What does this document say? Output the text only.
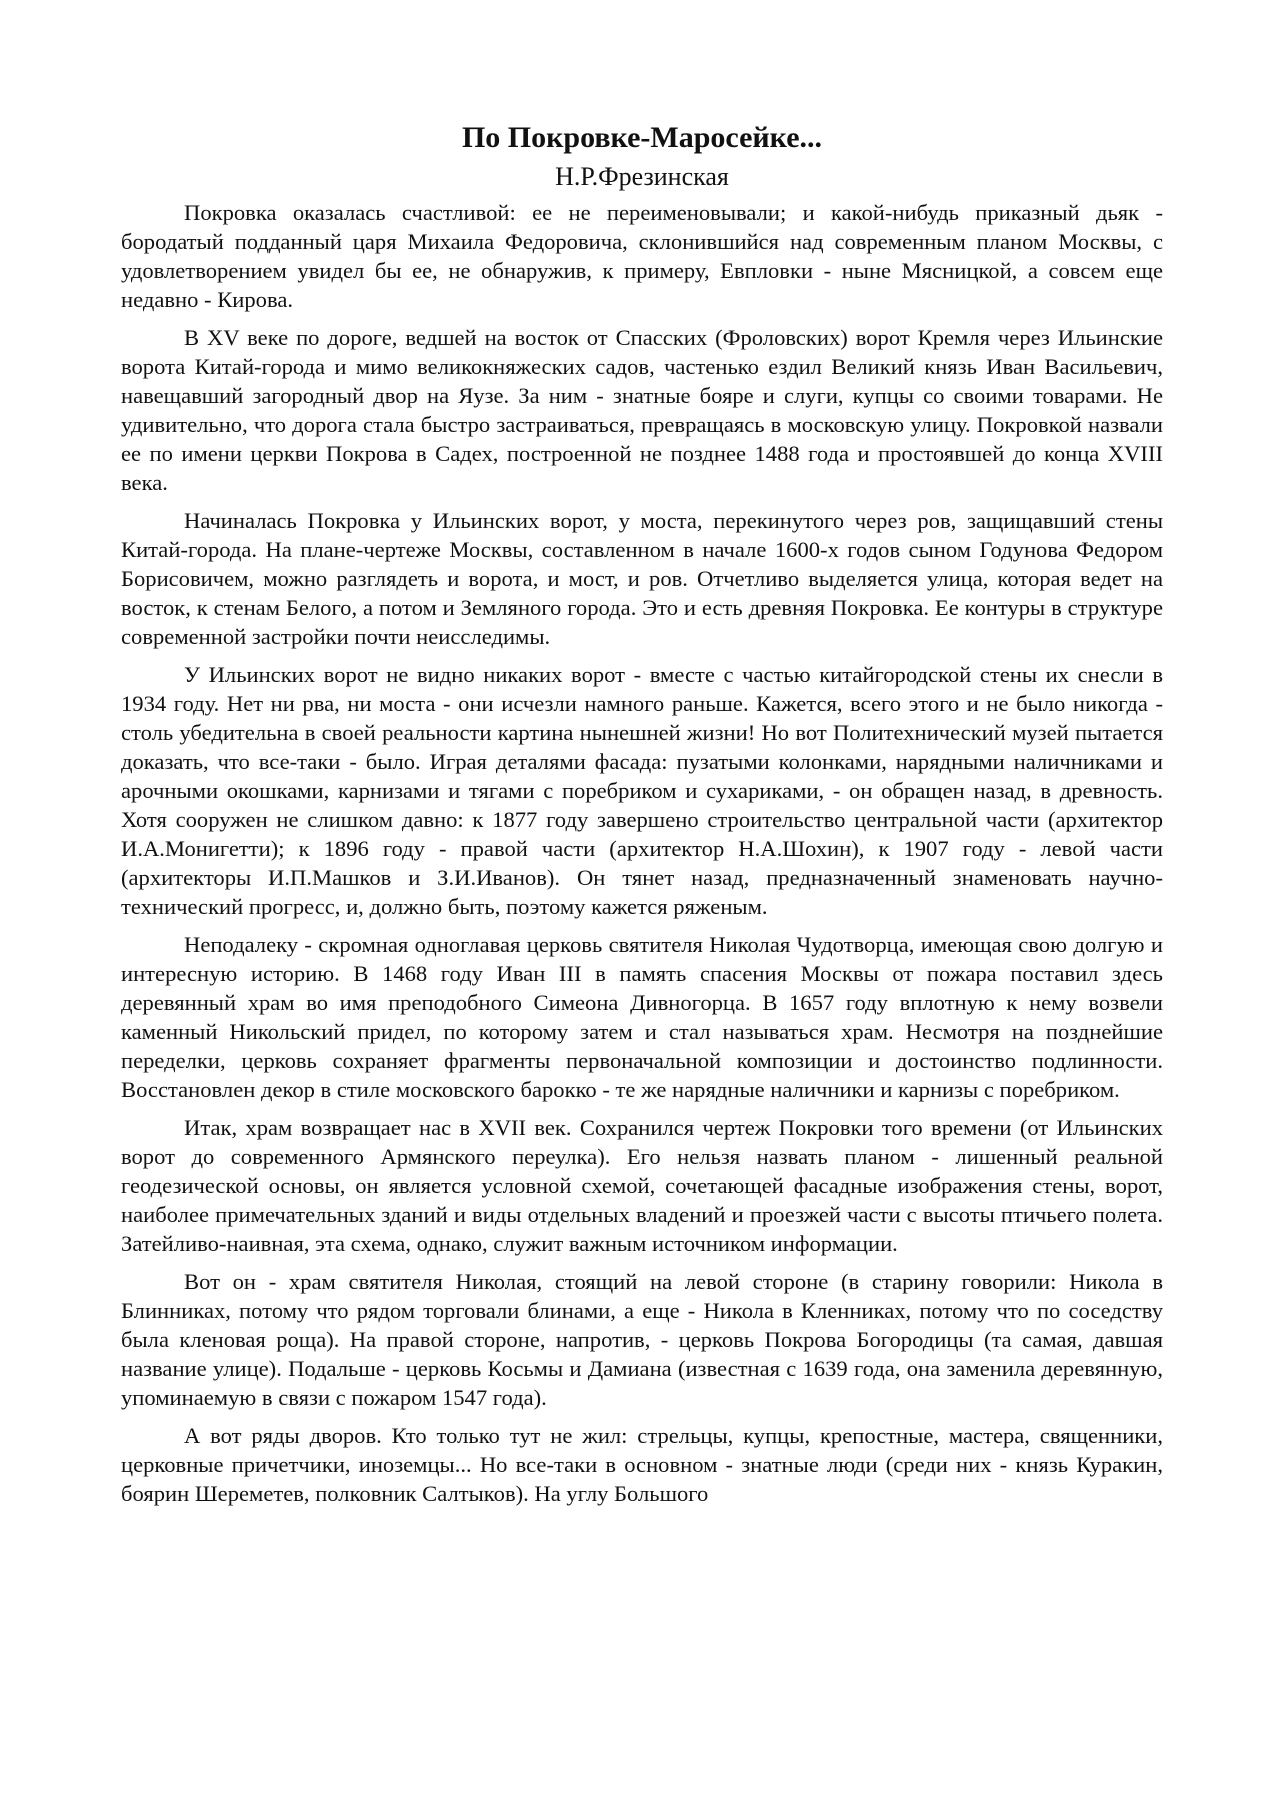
По Покровке-Маросейке...
Н.Р.Фрезинская

Покровка оказалась счастливой: ее не переименовывали; и какой-нибудь приказный дьяк - бородатый подданный царя Михаила Федоровича, склонившийся над современным планом Москвы, с удовлетворением увидел бы ее, не обнаружив, к примеру, Евпловки - ныне Мясницкой, а совсем еще недавно - Кирова.

В XV веке по дороге, ведшей на восток от Спасских (Фроловских) ворот Кремля через Ильинские ворота Китай-города и мимо великокняжеских садов, частенько ездил Великий князь Иван Васильевич, навещавший загородный двор на Яузе. За ним - знатные бояре и слуги, купцы со своими товарами. Не удивительно, что дорога стала быстро застраиваться, превращаясь в московскую улицу. Покровкой назвали ее по имени церкви Покрова в Садех, построенной не позднее 1488 года и простоявшей до конца XVIII века.

Начиналась Покровка у Ильинских ворот, у моста, перекинутого через ров, защищавший стены Китай-города. На плане-чертеже Москвы, составленном в начале 1600-х годов сыном Годунова Федором Борисовичем, можно разглядеть и ворота, и мост, и ров. Отчетливо выделяется улица, которая ведет на восток, к стенам Белого, а потом и Земляного города. Это и есть древняя Покровка. Ее контуры в структуре современной застройки почти неисследимы.

У Ильинских ворот не видно никаких ворот - вместе с частью китайгородской стены их снесли в 1934 году. Нет ни рва, ни моста - они исчезли намного раньше. Кажется, всего этого и не было никогда - столь убедительна в своей реальности картина нынешней жизни! Но вот Политехнический музей пытается доказать, что все-таки - было. Играя деталями фасада: пузатыми колонками, нарядными наличниками и арочными окошками, карнизами и тягами с поребриком и сухариками, - он обращен назад, в древность. Хотя сооружен не слишком давно: к 1877 году завершено строительство центральной части (архитектор И.А.Монигетти); к 1896 году - правой части (архитектор Н.А.Шохин), к 1907 году - левой части (архитекторы И.П.Машков и З.И.Иванов). Он тянет назад, предназначенный знаменовать научно-технический прогресс, и, должно быть, поэтому кажется ряженым.

Неподалеку - скромная одноглавая церковь святителя Николая Чудотворца, имеющая свою долгую и интересную историю. В 1468 году Иван III в память спасения Москвы от пожара поставил здесь деревянный храм во имя преподобного Симеона Дивногорца. В 1657 году вплотную к нему возвели каменный Никольский придел, по которому затем и стал называться храм. Несмотря на позднейшие переделки, церковь сохраняет фрагменты первоначальной композиции и достоинство подлинности. Восстановлен декор в стиле московского барокко - те же нарядные наличники и карнизы с поребриком.

Итак, храм возвращает нас в XVII век. Сохранился чертеж Покровки того времени (от Ильинских ворот до современного Армянского переулка). Его нельзя назвать планом - лишенный реальной геодезической основы, он является условной схемой, сочетающей фасадные изображения стены, ворот, наиболее примечательных зданий и виды отдельных владений и проезжей части с высоты птичьего полета. Затейливо-наивная, эта схема, однако, служит важным источником информации.

Вот он - храм святителя Николая, стоящий на левой стороне (в старину говорили: Никола в Блинниках, потому что рядом торговали блинами, а еще - Никола в Кленниках, потому что по соседству была кленовая роща). На правой стороне, напротив, - церковь Покрова Богородицы (та самая, давшая название улице). Подальше - церковь Косьмы и Дамиана (известная с 1639 года, она заменила деревянную, упоминаемую в связи с пожаром 1547 года).

А вот ряды дворов. Кто только тут не жил: стрельцы, купцы, крепостные, мастера, священники, церковные причетчики, иноземцы... Но все-таки в основном - знатные люди (среди них - князь Куракин, боярин Шереметев, полковник Салтыков). На углу Большого
